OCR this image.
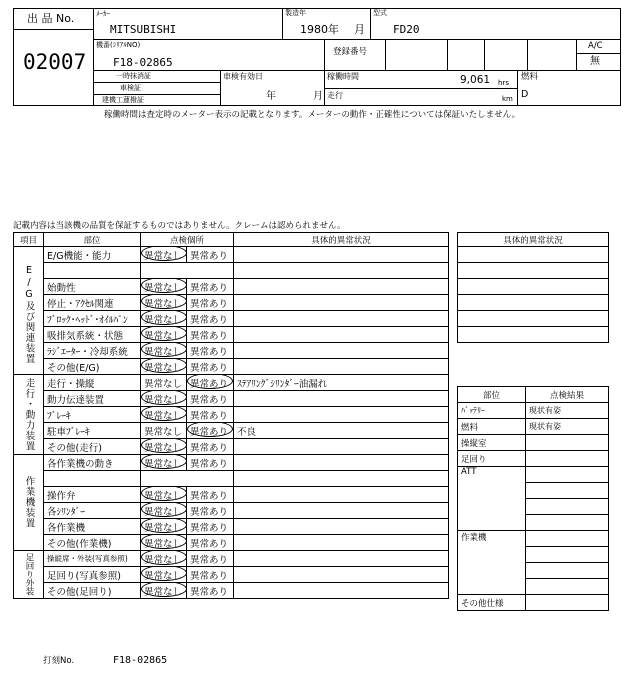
出 品 No.
02007
ﾒｰｶｰ
MITSUBISHI
製造年
1980 年 月
型式
FD20
機番(ｼﾘｱﾙNO)
F18-02865
登録番号
A/C
無
一時抹消証
車検証
建機工蓮撥証
車検有効日
年	月
稼働時間	9,061 hrs
km
走行
燃料
D
稼働時間は査定時のメーター表示の記載となります。メーターの動作・正確性については保証いたしません。
記載内容は当該機の品質を保証するものではありません。クレームは認められません。
項目	部位	点検個所		具体的異常状況

E/G及び関連装置	E/G機能・能力	異常なし	異常あり	

	始動性	異常なし	異常あり	
	停止・ｱｸｾﾙ関連	異常なし	異常あり	
	ﾌﾞﾛｯｸ･ﾍｯﾄﾞ･ｵｲﾙﾊﾟﾝ	異常なし	異常あり	
	吸排気系統・状態	異常なし	異常あり	
	ﾗｼﾞｴｰﾀｰ・冷却系統	異常なし	異常あり	
	その他(E/G)	異常なし	異常あり	

走行・動力装置	走行・操縦	異常なし	異常あり	ｽﾃｱﾘﾝｸﾞｼﾘﾝﾀﾞｰ油漏れ
	動力伝達装置	異常なし	異常あり	
	ﾌﾞﾚｰｷ	異常なし	異常あり	
	駐車ﾌﾞﾚｰｷ	異常なし	異常あり	不良
	その他(走行)	異常なし	異常あり	

作業機装置	各作業機の動き	異常なし	異常あり	

	操作弁	異常なし	異常あり	
	各ｼﾘﾝﾀﾞｰ	異常なし	異常あり	
	各作業機	異常なし	異常あり	
	その他(作業機)	異常なし	異常あり	

足回り外装	操縦席・外装(写真参照)	異常なし	異常あり	
	足回り(写真参照)	異常なし	異常あり	
	その他(足回り)	異常なし	異常あり	
具体的異常状況

部位	点検結果
ﾊﾞｯﾃﾘｰ	現状有姿
燃料	現状有姿
操縦室	
足回り	
ATT	

作業機	

その他仕様	
打刻No.	F18-02865
